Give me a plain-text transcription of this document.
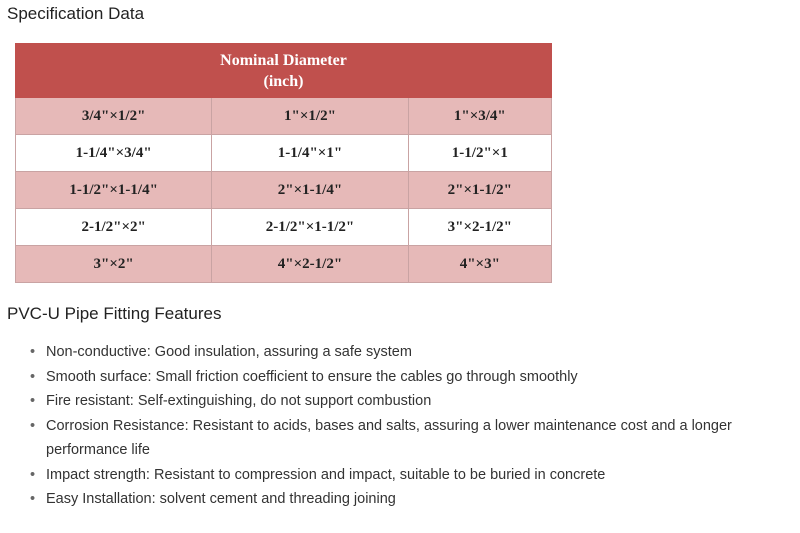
Specification Data
Nominal Diameter
(inch)		

3/4"×1/2"	1"×1/2"	1"×3/4"
1-1/4"×3/4"	1-1/4"×1"	1-1/2"×1
1-1/2"×1-1/4"	2"×1-1/4"	2"×1-1/2"
2-1/2"×2"	2-1/2"×1-1/2"	3"×2-1/2"
3"×2"	4"×2-1/2"	4"×3"
PVC-U Pipe Fitting Features
• Non-conductive: Good insulation, assuring a safe system
• Smooth surface: Small friction coefficient to ensure the cables go through smoothly
• Fire resistant: Self-extinguishing, do not support combustion
• Corrosion Resistance: Resistant to acids, bases and salts, assuring a lower maintenance cost and a longer performance life
• Impact strength: Resistant to compression and impact, suitable to be buried in concrete
• Easy Installation: solvent cement and threading joining
